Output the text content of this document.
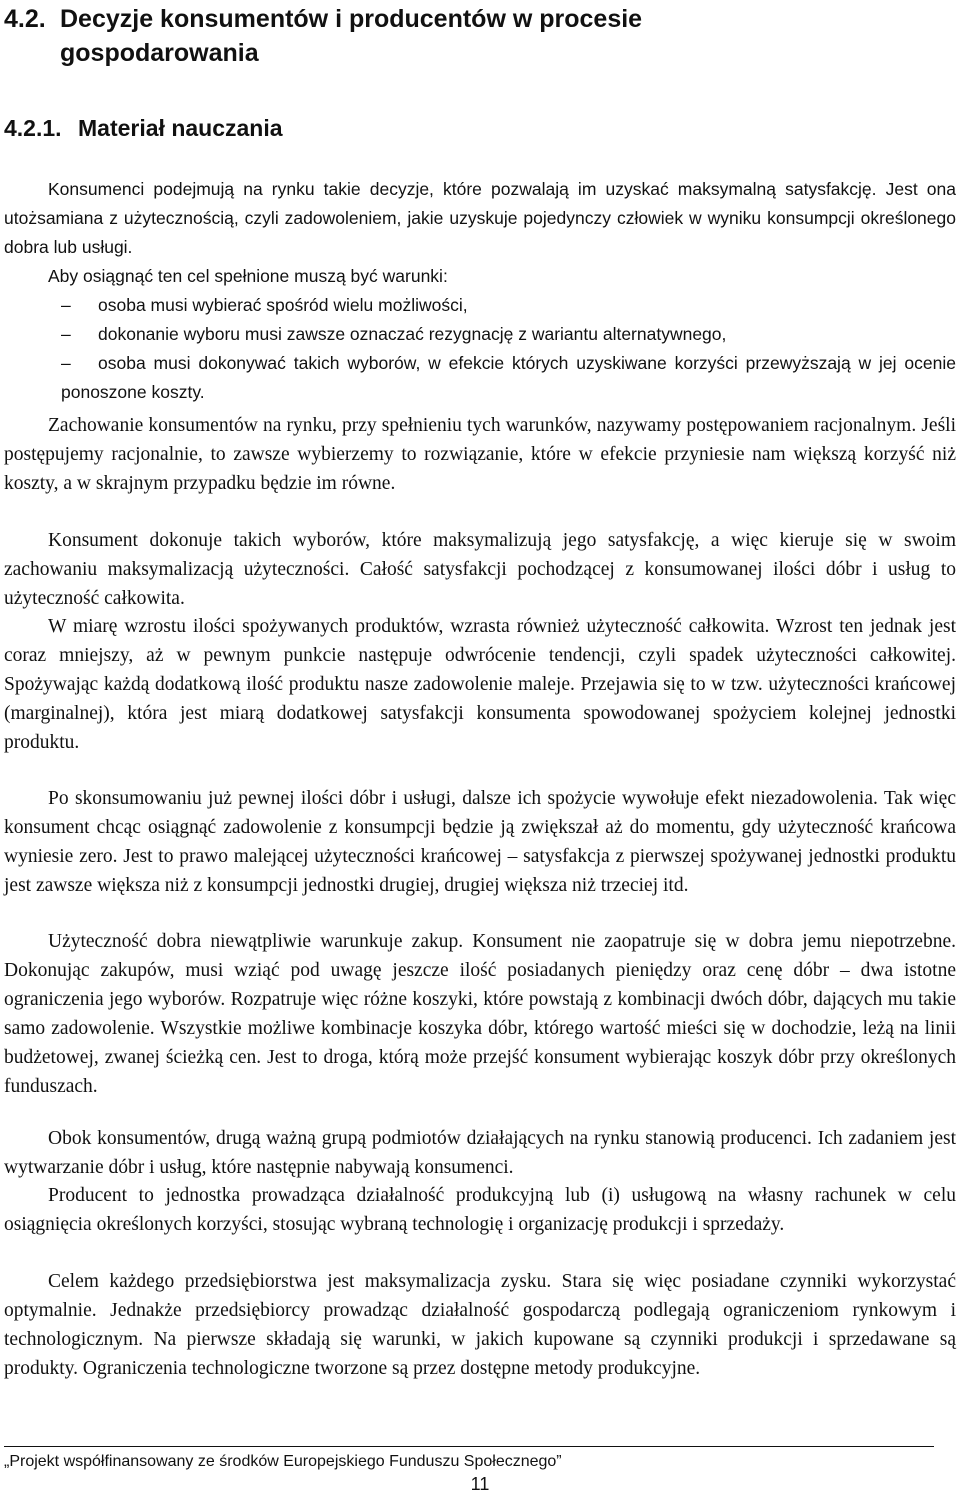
4.2. Decyzje konsumentów i producentów w procesie
gospodarowania
4.2.1. Materiał nauczania

Konsumenci podejmują na rynku takie decyzje, które pozwalają im uzyskać maksymalną satysfakcję. Jest ona utożsamiana z użytecznością, czyli zadowoleniem, jakie uzyskuje pojedynczy człowiek w wyniku konsumpcji określonego dobra lub usługi.

Aby osiągnąć ten cel spełnione muszą być warunki:

– osoba musi wybierać spośród wielu możliwości,

– dokonanie wyboru musi zawsze oznaczać rezygnację z wariantu alternatywnego,

– osoba musi dokonywać takich wyborów, w efekcie których uzyskiwane korzyści przewyższają w jej ocenie ponoszone koszty.

Zachowanie konsumentów na rynku, przy spełnieniu tych warunków, nazywamy postępowaniem racjonalnym. Jeśli postępujemy racjonalnie, to zawsze wybierzemy to rozwiązanie, które w efekcie przyniesie nam większą korzyść niż koszty, a w skrajnym przypadku będzie im równe.

Konsument dokonuje takich wyborów, które maksymalizują jego satysfakcję, a więc kieruje się w swoim zachowaniu maksymalizacją użyteczności. Całość satysfakcji pochodzącej z konsumowanej ilości dóbr i usług to użyteczność całkowita.

W miarę wzrostu ilości spożywanych produktów, wzrasta również użyteczność całkowita. Wzrost ten jednak jest coraz mniejszy, aż w pewnym punkcie następuje odwrócenie tendencji, czyli spadek użyteczności całkowitej. Spożywając każdą dodatkową ilość produktu nasze zadowolenie maleje. Przejawia się to w tzw. użyteczności krańcowej (marginalnej), która jest miarą dodatkowej satysfakcji konsumenta spowodowanej spożyciem kolejnej jednostki produktu.

Po skonsumowaniu już pewnej ilości dóbr i usługi, dalsze ich spożycie wywołuje efekt niezadowolenia. Tak więc konsument chcąc osiągnąć zadowolenie z konsumpcji będzie ją zwiększał aż do momentu, gdy użyteczność krańcowa wyniesie zero. Jest to prawo malejącej użyteczności krańcowej – satysfakcja z pierwszej spożywanej jednostki produktu jest zawsze większa niż z konsumpcji jednostki drugiej, drugiej większa niż trzeciej itd.

Użyteczność dobra niewątpliwie warunkuje zakup. Konsument nie zaopatruje się w dobra jemu niepotrzebne. Dokonując zakupów, musi wziąć pod uwagę jeszcze ilość posiadanych pieniędzy oraz cenę dóbr – dwa istotne ograniczenia jego wyborów. Rozpatruje więc różne koszyki, które powstają z kombinacji dwóch dóbr, dających mu takie samo zadowolenie. Wszystkie możliwe kombinacje koszyka dóbr, którego wartość mieści się w dochodzie, leżą na linii budżetowej, zwanej ścieżką cen. Jest to droga, którą może przejść konsument wybierając koszyk dóbr przy określonych funduszach.

Obok konsumentów, drugą ważną grupą podmiotów działających na rynku stanowią producenci. Ich zadaniem jest wytwarzanie dóbr i usług, które następnie nabywają konsumenci.

Producent to jednostka prowadząca działalność produkcyjną lub (i) usługową na własny rachunek w celu osiągnięcia określonych korzyści, stosując wybraną technologię i organizację produkcji i sprzedaży.

Celem każdego przedsiębiorstwa jest maksymalizacja zysku. Stara się więc posiadane czynniki wykorzystać optymalnie. Jednakże przedsiębiorcy prowadząc działalność gospodarczą podlegają ograniczeniom rynkowym i technologicznym. Na pierwsze składają się warunki, w jakich kupowane są czynniki produkcji i sprzedawane są produkty. Ograniczenia technologiczne tworzone są przez dostępne metody produkcyjne.

„Projekt współfinansowany ze środków Europejskiego Funduszu Społecznego”
11
